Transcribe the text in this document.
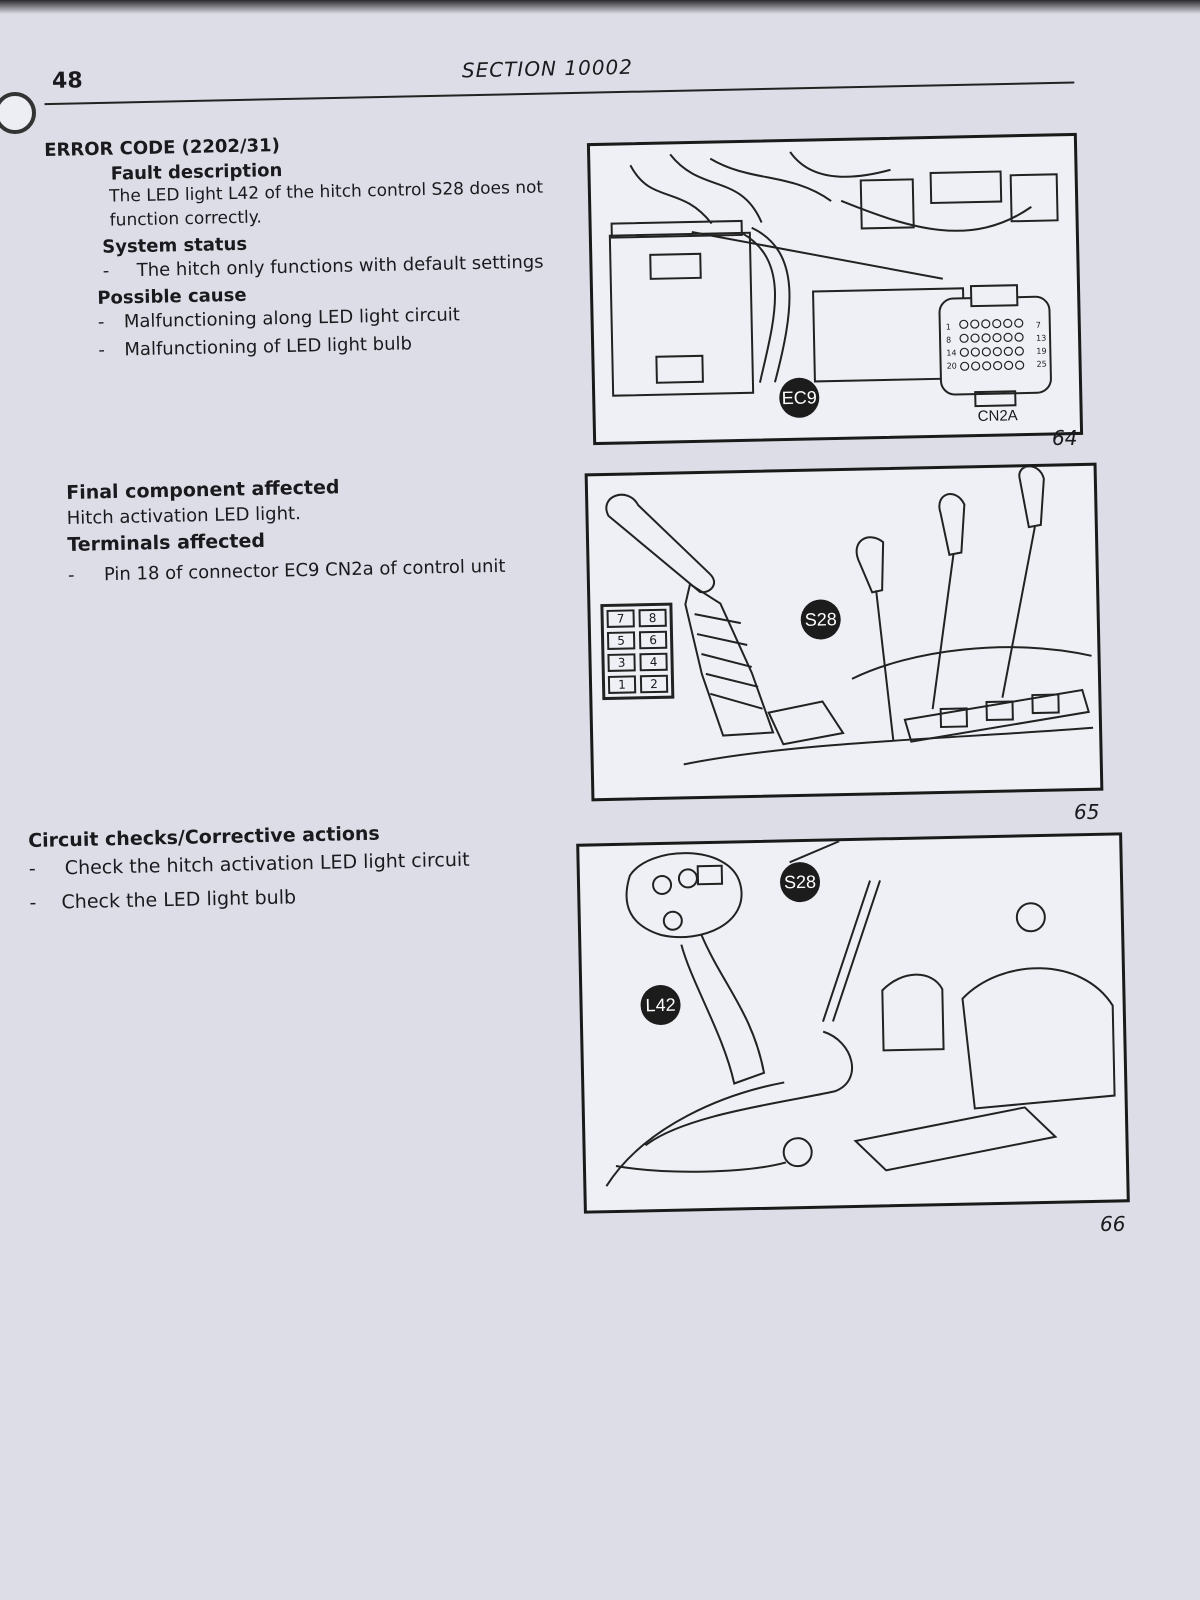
48	SECTION 10002
ERROR CODE (2202/31)
Fault description
The LED light L42 of the hitch control S28 does not function correctly.
System status
- The hitch only functions with default settings
Possible cause
- Malfunctioning along LED light circuit
- Malfunctioning of LED light bulb
Final component affected
Hitch activation LED light.
Terminals affected
- Pin 18 of connector EC9 CN2a of control unit
Circuit checks/Corrective actions
- Check the hitch activation LED light circuit
- Check the LED light bulb
1
8
14
20
7
13
19
25
EC9
CN2A
64
7	8
5	6
3	4
1	2
S28
65
S28
L42
66
